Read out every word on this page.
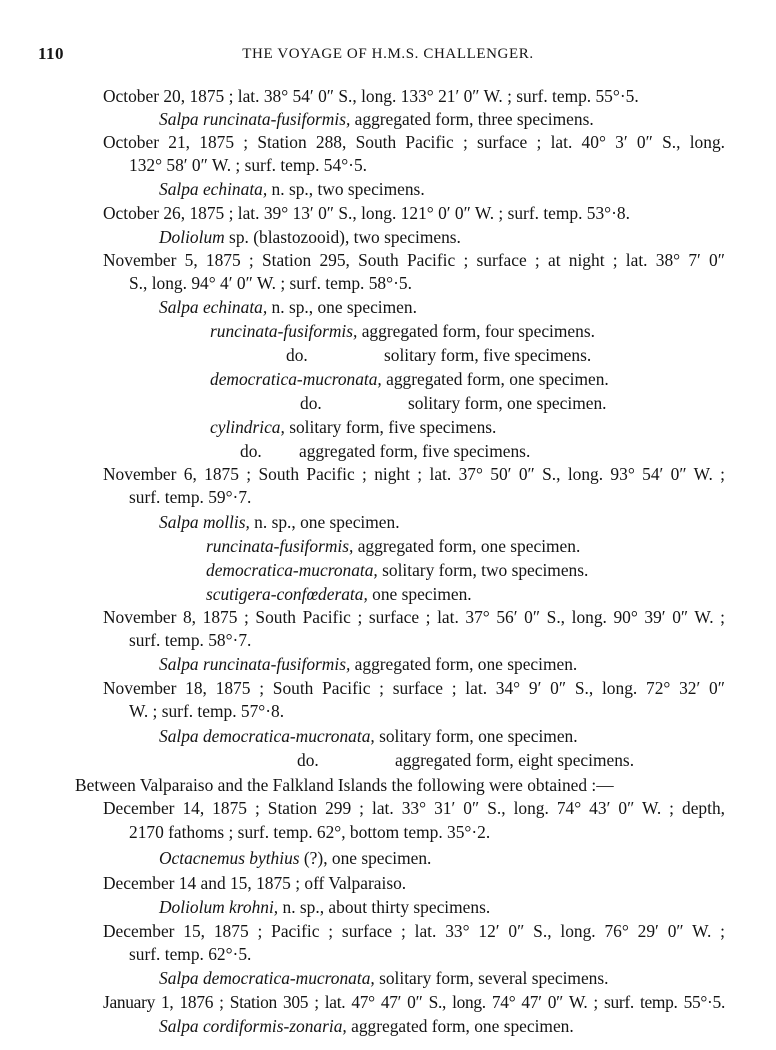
110	THE VOYAGE OF H.M.S. CHALLENGER.
October 20, 1875 ; lat. 38° 54′ 0″ S., long. 133° 21′ 0″ W. ; surf. temp. 55°·5.
Salpa runcinata-fusiformis, aggregated form, three specimens.
October 21, 1875 ; Station 288, South Pacific ; surface ; lat. 40° 3′ 0″ S., long.
132° 58′ 0″ W. ; surf. temp. 54°·5.
Salpa echinata, n. sp., two specimens.
October 26, 1875 ; lat. 39° 13′ 0″ S., long. 121° 0′ 0″ W. ; surf. temp. 53°·8.
Doliolum sp. (blastozooid), two specimens.
November 5, 1875 ; Station 295, South Pacific ; surface ; at night ; lat. 38° 7′ 0″
S., long. 94° 4′ 0″ W. ; surf. temp. 58°·5.
Salpa echinata, n. sp., one specimen.
runcinata-fusiformis, aggregated form, four specimens.
do.	solitary form, five specimens.
democratica-mucronata, aggregated form, one specimen.
do.	solitary form, one specimen.
cylindrica, solitary form, five specimens.
do. aggregated form, five specimens.
November 6, 1875 ; South Pacific ; night ; lat. 37° 50′ 0″ S., long. 93° 54′ 0″ W. ;
surf. temp. 59°·7.
Salpa mollis, n. sp., one specimen.
runcinata-fusiformis, aggregated form, one specimen.
democratica-mucronata, solitary form, two specimens.
scutigera-confœderata, one specimen.
November 8, 1875 ; South Pacific ; surface ; lat. 37° 56′ 0″ S., long. 90° 39′ 0″ W. ;
surf. temp. 58°·7.
Salpa runcinata-fusiformis, aggregated form, one specimen.
November 18, 1875 ; South Pacific ; surface ; lat. 34° 9′ 0″ S., long. 72° 32′ 0″
W. ; surf. temp. 57°·8.
Salpa democratica-mucronata, solitary form, one specimen.
do.	aggregated form, eight specimens.
Between Valparaiso and the Falkland Islands the following were obtained :—
December 14, 1875 ; Station 299 ; lat. 33° 31′ 0″ S., long. 74° 43′ 0″ W. ; depth,
2170 fathoms ; surf. temp. 62°, bottom temp. 35°·2.
Octacnemus bythius (?), one specimen.
December 14 and 15, 1875 ; off Valparaiso.
Doliolum krohni, n. sp., about thirty specimens.
December 15, 1875 ; Pacific ; surface ; lat. 33° 12′ 0″ S., long. 76° 29′ 0″ W. ;
surf. temp. 62°·5.
Salpa democratica-mucronata, solitary form, several specimens.
January 1, 1876 ; Station 305 ; lat. 47° 47′ 0″ S., long. 74° 47′ 0″ W. ; surf. temp. 55°·5.
Salpa cordiformis-zonaria, aggregated form, one specimen.
